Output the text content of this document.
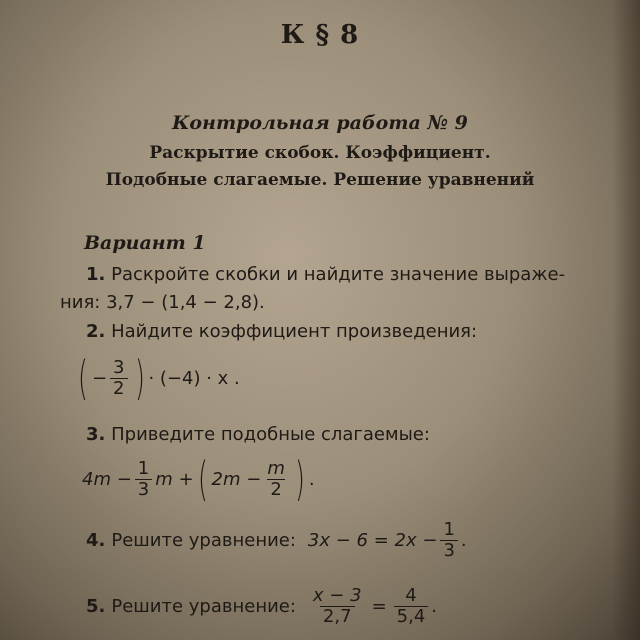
К § 8
Контрольная работа № 9
Раскрытие скобок. Коэффициент.
Подобные слагаемые. Решение уравнений
Вариант 1
1. Раскройте скобки и найдите значение выраже-
ния: 3,7 − (1,4 − 2,8).
2. Найдите коэффициент произведения:
( − $\frac{3}{2}$ ) · (−4) · x .
3. Приведите подобные слагаемые:
$4m - \frac{1}{3}$ m + ( $2m - \frac{m}{2}$ ) .
4. Решите уравнение: $3x - 6 = 2x - \frac{1}{3}$ .
5. Решите уравнение: $\frac{x - 3}{2,7} = \frac{4}{5,4}$ .
